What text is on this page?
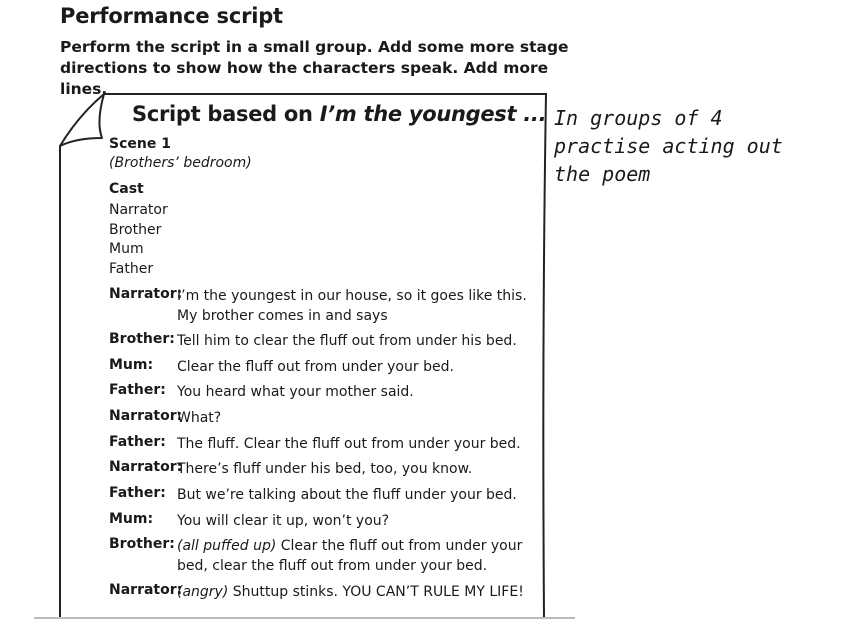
Performance script
Perform the script in a small group. Add some more stage directions to show how the characters speak. Add more lines.
Script based on I’m the youngest ...
Scene 1
(Brothers’ bedroom)
Cast
Narrator
Brother
Mum
Father
Narrator:
I’m the youngest in our house, so it goes like this.
My brother comes in and says
Brother: Tell him to clear the fluff out from under his bed.
Mum: Clear the fluff out from under your bed.
Father: You heard what your mother said.
Narrator:
What?
Father: The fluff. Clear the fluff out from under your bed.
Narrator:
There’s fluff under his bed, too, you know.
Father: But we’re talking about the fluff under your bed.
Mum: You will clear it up, won’t you?
Brother: (all puffed up) Clear the fluff out from under your
bed, clear the fluff out from under your bed.
Narrator:
(angry) Shuttup stinks. YOU CAN’T RULE MY LIFE!
In groups of 4
practise acting out
the poem
